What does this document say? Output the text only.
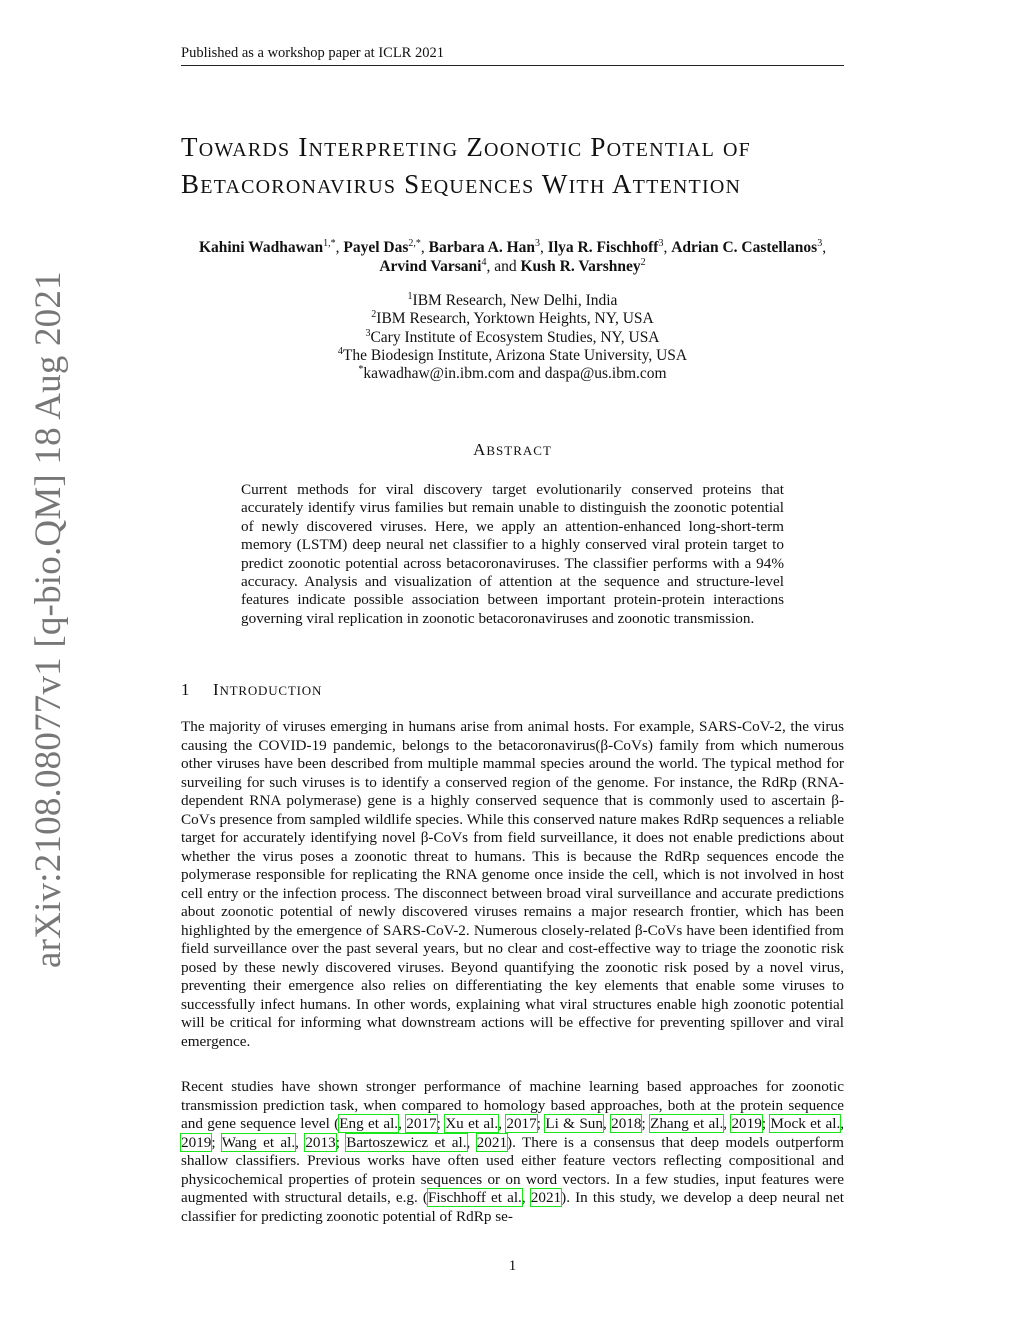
Published as a workshop paper at ICLR 2021
arXiv:2108.08077v1 [q-bio.QM] 18 Aug 2021
TOWARDS INTERPRETING ZOONOTIC POTENTIAL OF
BETACORONAVIRUS SEQUENCES WITH ATTENTION
Kahini Wadhawan$^{1,*}$, Payel Das$^{2,*}$, Barbara A. Han$^3$, Ilya R. Fischhoff$^3$, Adrian C. Castellanos$^3$, Arvind Varsani$^4$, and Kush R. Varshney$^2$
$^1$IBM Research, New Delhi, India
$^2$IBM Research, Yorktown Heights, NY, USA
$^3$Cary Institute of Ecosystem Studies, NY, USA
$^4$The Biodesign Institute, Arizona State University, USA
*kawadhaw@in.ibm.com and daspa@us.ibm.com
ABSTRACT

Current methods for viral discovery target evolutionarily conserved proteins that accurately identify virus families but remain unable to distinguish the zoonotic potential of newly discovered viruses. Here, we apply an attention-enhanced long-short-term memory (LSTM) deep neural net classifier to a highly conserved viral protein target to predict zoonotic potential across betacoronaviruses. The classifier performs with a 94% accuracy. Analysis and visualization of attention at the sequence and structure-level features indicate possible association between important protein-protein interactions governing viral replication in zoonotic betacoronaviruses and zoonotic transmission.

1 INTRODUCTION

The majority of viruses emerging in humans arise from animal hosts. For example, SARS-CoV-2, the virus causing the COVID-19 pandemic, belongs to the betacoronavirus(β-CoVs) family from which numerous other viruses have been described from multiple mammal species around the world. The typical method for surveiling for such viruses is to identify a conserved region of the genome. For instance, the RdRp (RNA-dependent RNA polymerase) gene is a highly conserved sequence that is commonly used to ascertain β-CoVs presence from sampled wildlife species. While this conserved nature makes RdRp sequences a reliable target for accurately identifying novel β-CoVs from field surveillance, it does not enable predictions about whether the virus poses a zoonotic threat to humans. This is because the RdRp sequences encode the polymerase responsible for replicating the RNA genome once inside the cell, which is not involved in host cell entry or the infection process. The disconnect between broad viral surveillance and accurate predictions about zoonotic potential of newly discovered viruses remains a major research frontier, which has been highlighted by the emergence of SARS-CoV-2. Numerous closely-related β-CoVs have been identified from field surveillance over the past several years, but no clear and cost-effective way to triage the zoonotic risk posed by these newly discovered viruses. Beyond quantifying the zoonotic risk posed by a novel virus, preventing their emergence also relies on differentiating the key elements that enable some viruses to successfully infect humans. In other words, explaining what viral structures enable high zoonotic potential will be critical for informing what downstream actions will be effective for preventing spillover and viral emergence.

Recent studies have shown stronger performance of machine learning based approaches for zoonotic transmission prediction task, when compared to homology based approaches, both at the protein sequence and gene sequence level (Eng et al., 2017; Xu et al., 2017; Li & Sun, 2018; Zhang et al., 2019; Mock et al., 2019; Wang et al., 2013; Bartoszewicz et al., 2021). There is a consensus that deep models outperform shallow classifiers. Previous works have often used either feature vectors reflecting compositional and physicochemical properties of protein sequences or on word vectors. In a few studies, input features were augmented with structural details, e.g. (Fischhoff et al., 2021). In this study, we develop a deep neural net classifier for predicting zoonotic potential of RdRp se-

1
